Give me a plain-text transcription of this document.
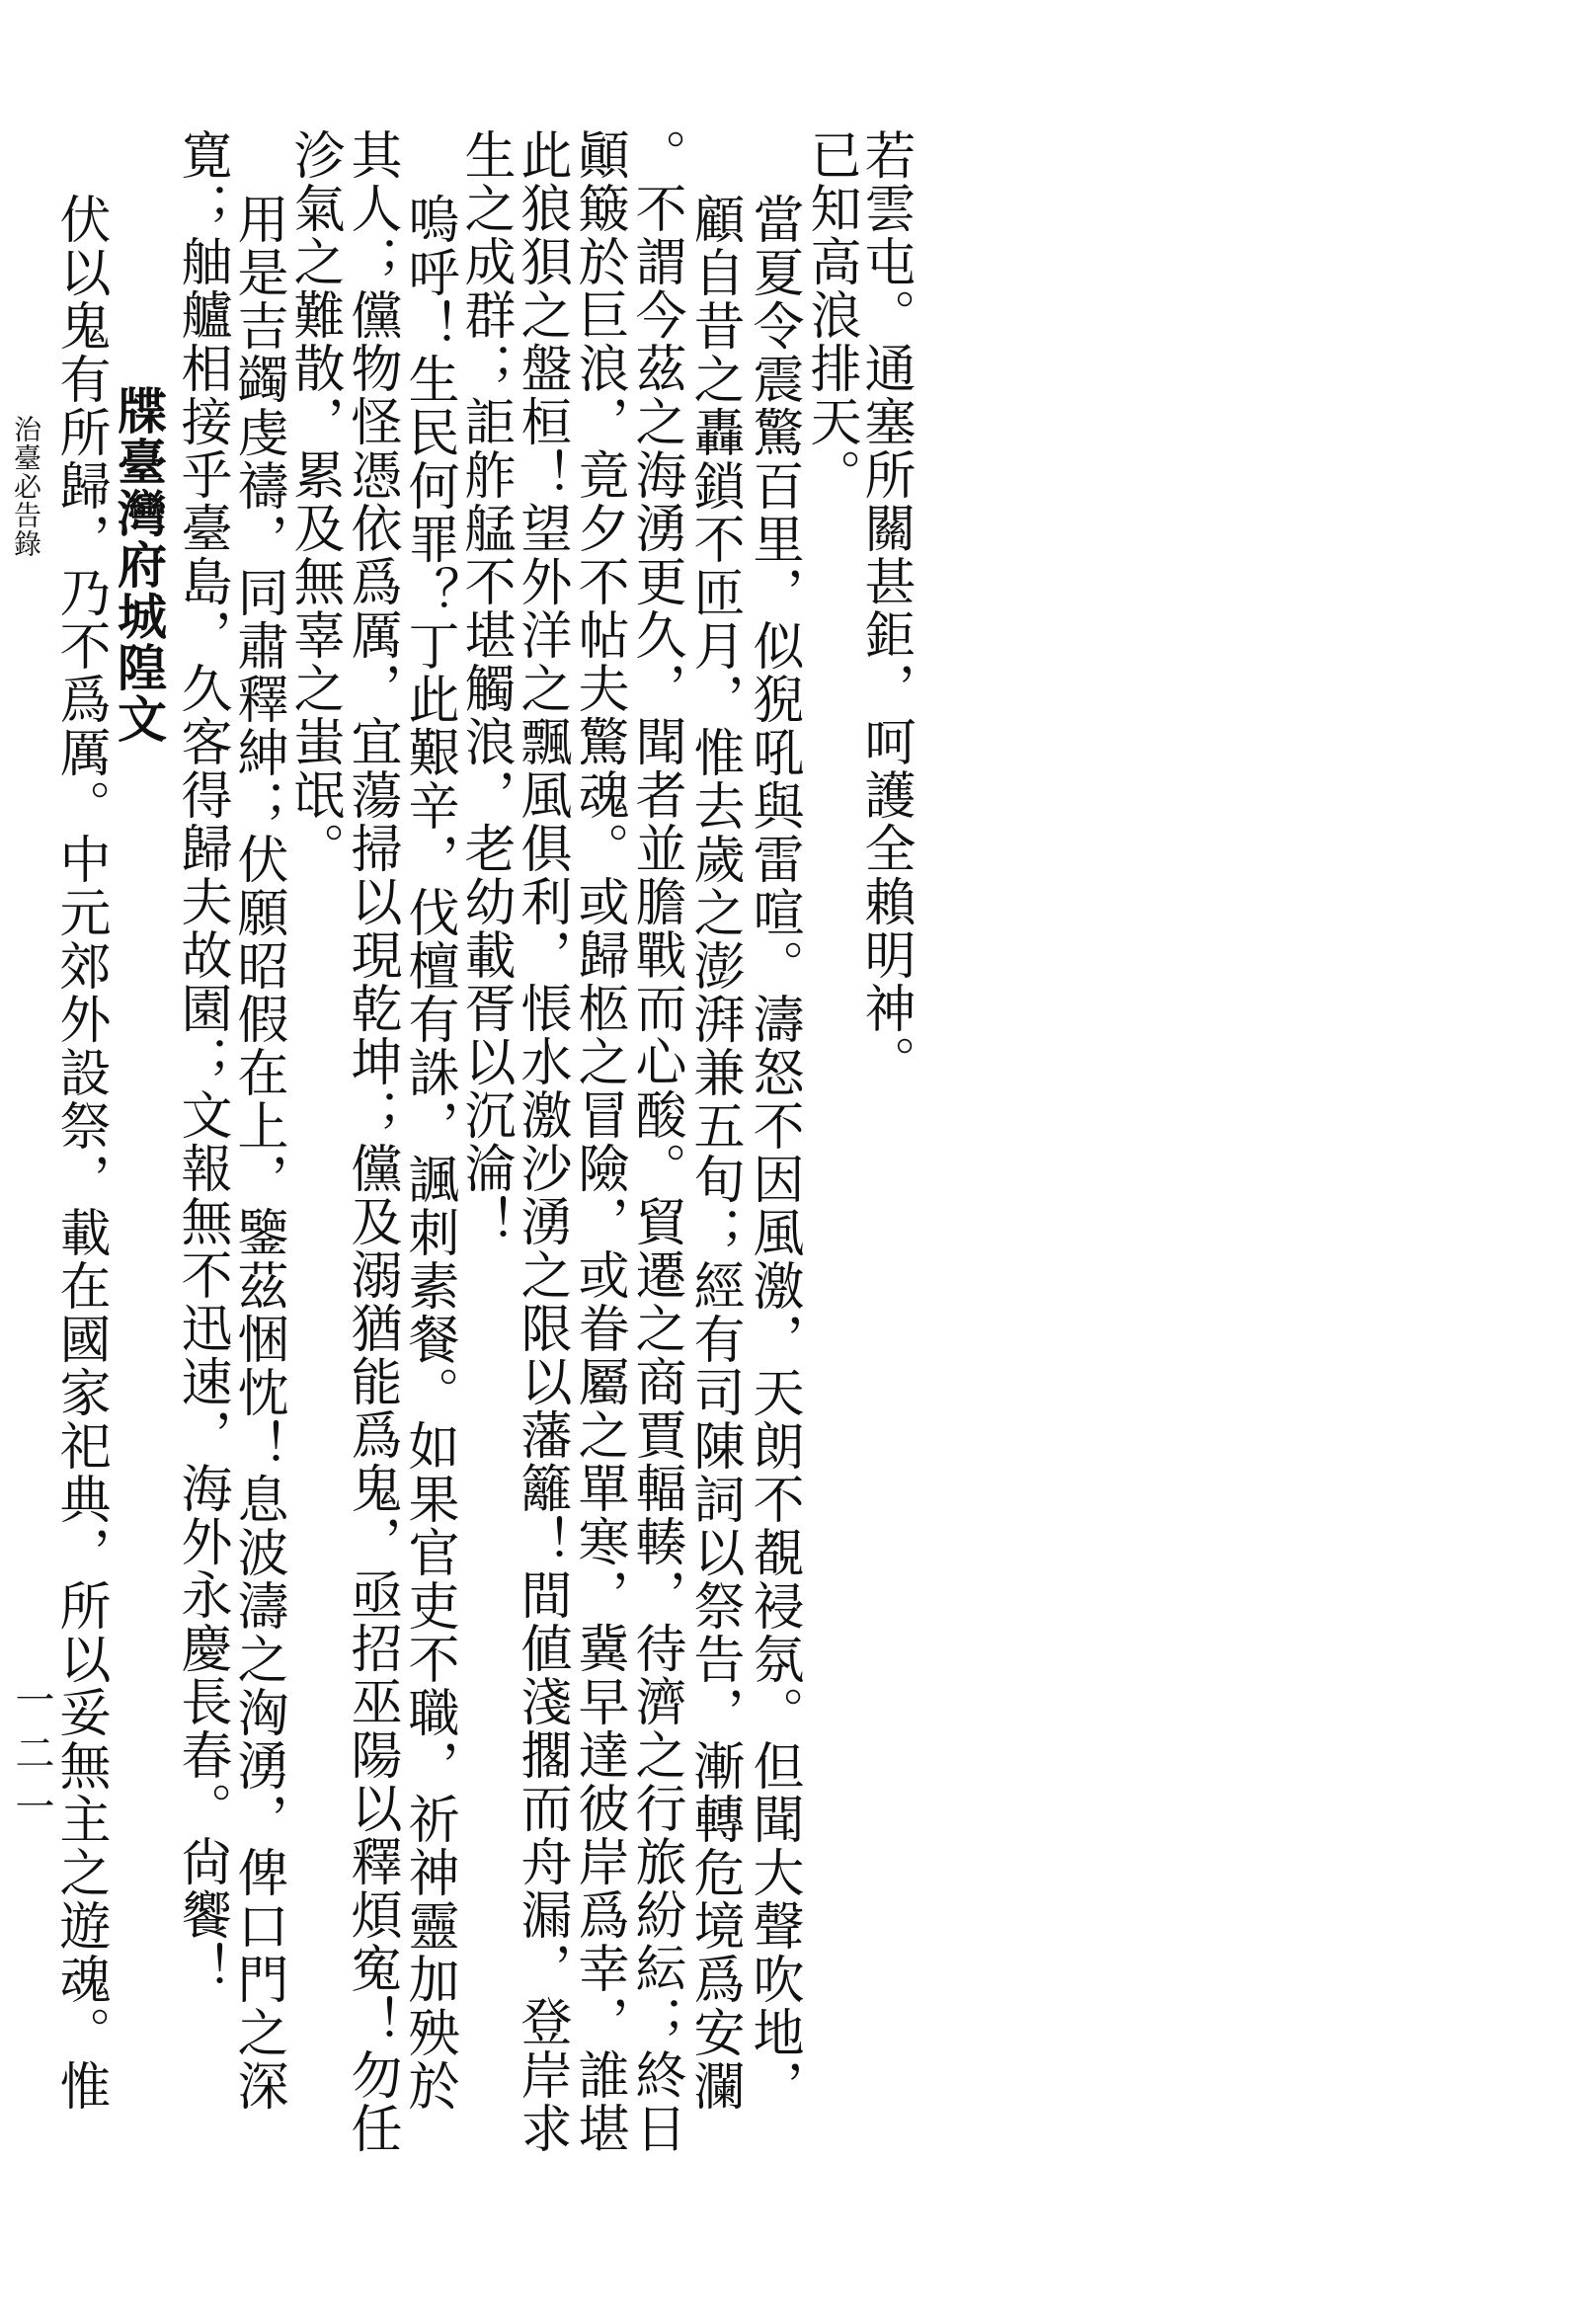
已知高浪排天。
當夏令震驚百里，似猊吼與雷喧。濤怒不因風激，天朗不覩祲氛。但聞大聲吹地， 若雲屯。通塞所關甚鉅，呵護全賴明神。
顧自昔之轟鎖不匝月，惟去歲之澎湃兼五旬；經有司陳詞以祭告，漸轉危境爲安瀾
。不謂今茲之海湧更久，聞者並膽戰而心酸。貿遷之商賈輻輳，待濟之行旅紛紜；終日
顚簸於巨浪，竟夕不帖夫驚魂。或歸柩之冒險，或眷屬之單寒，冀早達彼岸爲幸，誰堪
此狼狽之盤桓！望外洋之飄風俱利，悵水激沙湧之限以藩籬！間値淺擱而舟漏，登岸求
生之成群；詎舴艋不堪觸浪，老幼載胥以沉淪！
嗚呼！生民何罪？丁此艱辛，伐檀有誅，諷刺素餐。如果官吏不職，祈神靈加殃於
其人；儻物怪憑依爲厲，宜蕩掃以現乾坤；儻及溺猶能爲鬼，亟招巫陽以釋煩寃！勿任
沴氣之難散，累及無辜之蚩氓。
用是吉蠲虔禱，同肅釋紳；伏願昭假在上，鑒茲悃忱！息波濤之洶湧，俾口門之深
寛；舳艫相接乎臺島，久客得歸夫故園；文報無不迅速，海外永慶長春。尙饗！
牒臺灣府城隍文
伏以鬼有所歸，乃不爲厲。中元郊外設祭，載在國家祀典，所以妥無主之遊魂。惟
治臺必告錄
一二一
